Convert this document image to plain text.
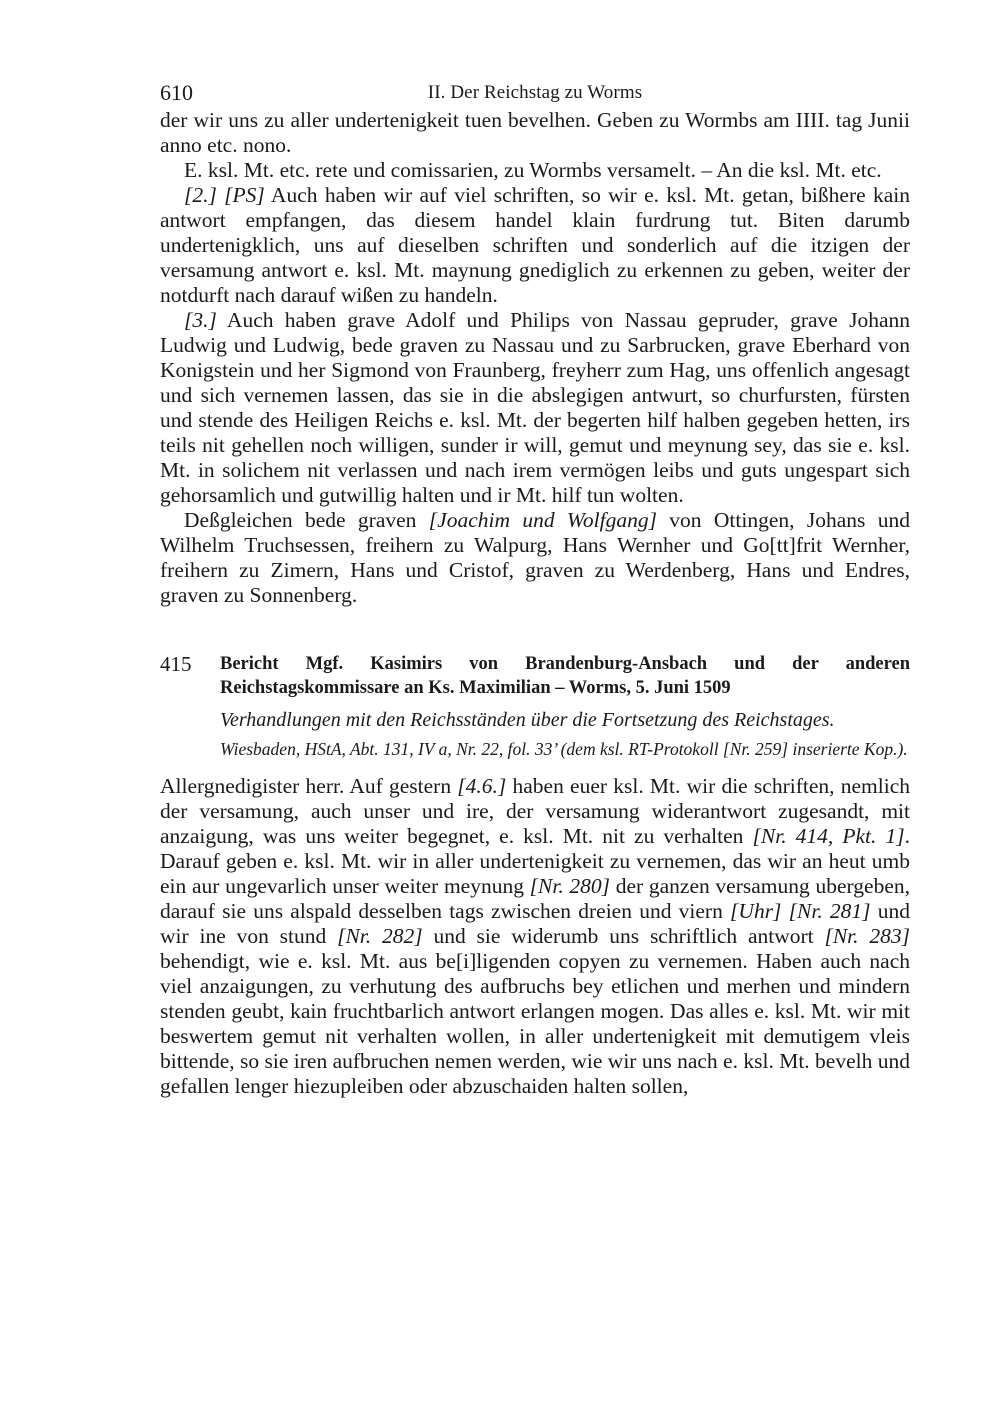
610	II. Der Reichstag zu Worms

der wir uns zu aller undertenigkeit tuen bevelhen. Geben zu Wormbs am IIII. tag Junii anno etc. nono.

E. ksl. Mt. etc. rete und comissarien, zu Wormbs versamelt. – An die ksl. Mt. etc.

[2.] [PS] Auch haben wir auf viel schriften, so wir e. ksl. Mt. getan, bißhere kain antwort empfangen, das diesem handel klain furdrung tut. Biten darumb undertenigklich, uns auf dieselben schriften und sonderlich auf die itzigen der versamung antwort e. ksl. Mt. maynung gnediglich zu erkennen zu geben, weiter der notdurft nach darauf wißen zu handeln.

[3.] Auch haben grave Adolf und Philips von Nassau gepruder, grave Johann Ludwig und Ludwig, bede graven zu Nassau und zu Sarbrucken, grave Eberhard von Konigstein und her Sigmond von Fraunberg, freyherr zum Hag, uns offenlich angesagt und sich vernemen lassen, das sie in die abslegigen antwurt, so churfursten, fürsten und stende des Heiligen Reichs e. ksl. Mt. der begerten hilf halben gegeben hetten, irs teils nit gehellen noch willigen, sunder ir will, gemut und meynung sey, das sie e. ksl. Mt. in solichem nit verlassen und nach irem vermögen leibs und guts ungespart sich gehorsamlich und gutwillig halten und ir Mt. hilf tun wolten.

Deßgleichen bede graven [Joachim und Wolfgang] von Ottingen, Johans und Wilhelm Truchsessen, freihern zu Walpurg, Hans Wernher und Go[tt]frit Wernher, freihern zu Zimern, Hans und Cristof, graven zu Werdenberg, Hans und Endres, graven zu Sonnenberg.

415 Bericht Mgf. Kasimirs von Brandenburg-Ansbach und der anderen Reichstagskommissare an Ks. Maximilian – Worms, 5. Juni 1509
Verhandlungen mit den Reichsständen über die Fortsetzung des Reichstages.
Wiesbaden, HStA, Abt. 131, IV a, Nr. 22, fol. 33’ (dem ksl. RT-Protokoll [Nr. 259] inserierte Kop.).

Allergnedigister herr. Auf gestern [4.6.] haben euer ksl. Mt. wir die schriften, nemlich der versamung, auch unser und ire, der versamung widerantwort zugesandt, mit anzaigung, was uns weiter begegnet, e. ksl. Mt. nit zu verhalten [Nr. 414, Pkt. 1]. Darauf geben e. ksl. Mt. wir in aller undertenigkeit zu vernemen, das wir an heut umb ein aur ungevarlich unser weiter meynung [Nr. 280] der ganzen versamung ubergeben, darauf sie uns alspald desselben tags zwischen dreien und viern [Uhr] [Nr. 281] und wir ine von stund [Nr. 282] und sie widerumb uns schriftlich antwort [Nr. 283] behendigt, wie e. ksl. Mt. aus be[i]ligenden copyen zu vernemen. Haben auch nach viel anzaigungen, zu verhutung des aufbruchs bey etlichen und merhen und mindern stenden geubt, kain fruchtbarlich antwort erlangen mogen. Das alles e. ksl. Mt. wir mit beswertem gemut nit verhalten wollen, in aller undertenigkeit mit demutigem vleis bittende, so sie iren aufbruchen nemen werden, wie wir uns nach e. ksl. Mt. bevelh und gefallen lenger hiezupleiben oder abzuschaiden halten sollen,
